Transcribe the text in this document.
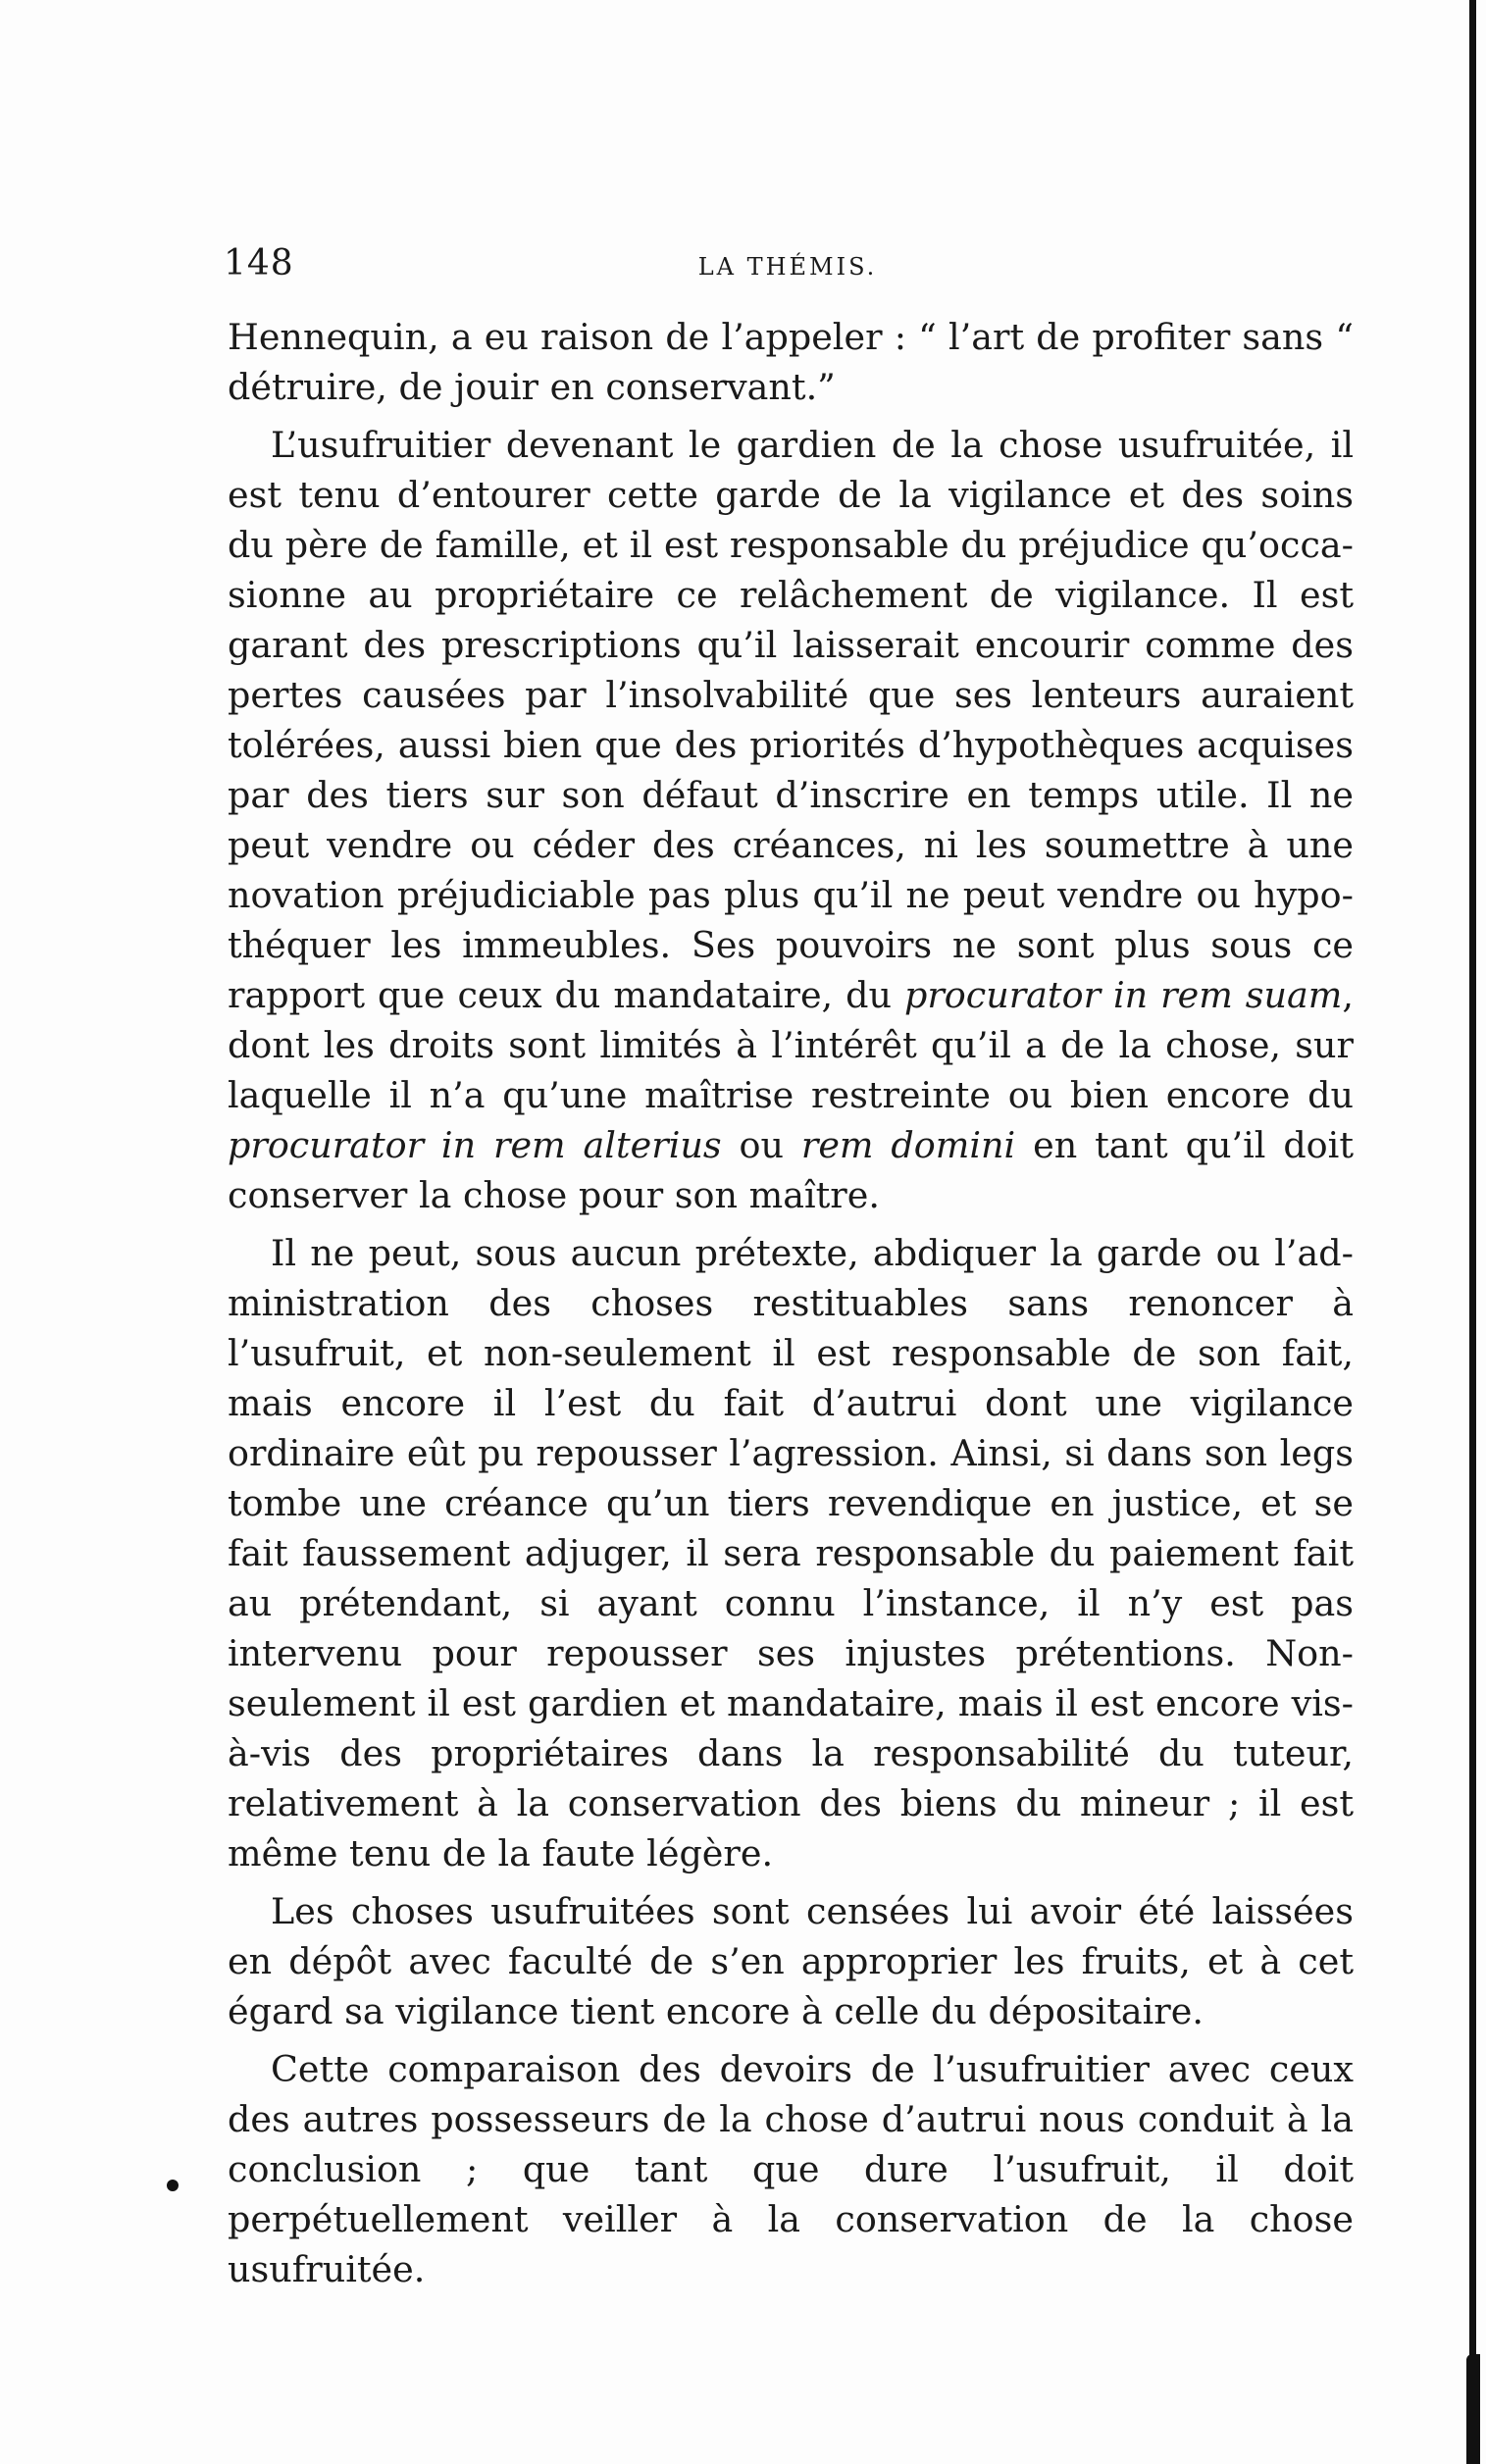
148	LA THÉMIS.

Hennequin, a eu raison de l’appeler : “ l’art de profiter sans “ détruire, de jouir en conservant.”

L’usufruitier devenant le gardien de la chose usufruitée, il est tenu d’entourer cette garde de la vigilance et des soins du père de famille, et il est responsable du préjudice qu’occasionne au propriétaire ce relâchement de vigilance. Il est garant des prescriptions qu’il laisserait encourir comme des pertes causées par l’insolvabilité que ses lenteurs auraient tolérées, aussi bien que des priorités d’hypothèques acquises par des tiers sur son défaut d’inscrire en temps utile. Il ne peut vendre ou céder des créances, ni les soumettre à une novation préjudiciable pas plus qu’il ne peut vendre ou hypothéquer les immeubles. Ses pouvoirs ne sont plus sous ce rapport que ceux du mandataire, du procurator in rem suam, dont les droits sont limités à l’intérêt qu’il a de la chose, sur laquelle il n’a qu’une maîtrise restreinte ou bien encore du procurator in rem alterius ou rem domini en tant qu’il doit conserver la chose pour son maître.

Il ne peut, sous aucun prétexte, abdiquer la garde ou l’administration des choses restituables sans renoncer à l’usufruit, et non-seulement il est responsable de son fait, mais encore il l’est du fait d’autrui dont une vigilance ordinaire eût pu repousser l’agression. Ainsi, si dans son legs tombe une créance qu’un tiers revendique en justice, et se fait faussement adjuger, il sera responsable du paiement fait au prétendant, si ayant connu l’instance, il n’y est pas intervenu pour repousser ses injustes prétentions. Non-seulement il est gardien et mandataire, mais il est encore vis-à-vis des propriétaires dans la responsabilité du tuteur, relativement à la conservation des biens du mineur ; il est même tenu de la faute légère.

Les choses usufruitées sont censées lui avoir été laissées en dépôt avec faculté de s’en approprier les fruits, et à cet égard sa vigilance tient encore à celle du dépositaire.

Cette comparaison des devoirs de l’usufruitier avec ceux des autres possesseurs de la chose d’autrui nous conduit à la conclusion ; que tant que dure l’usufruit, il doit perpétuellement veiller à la conservation de la chose usufruitée.
